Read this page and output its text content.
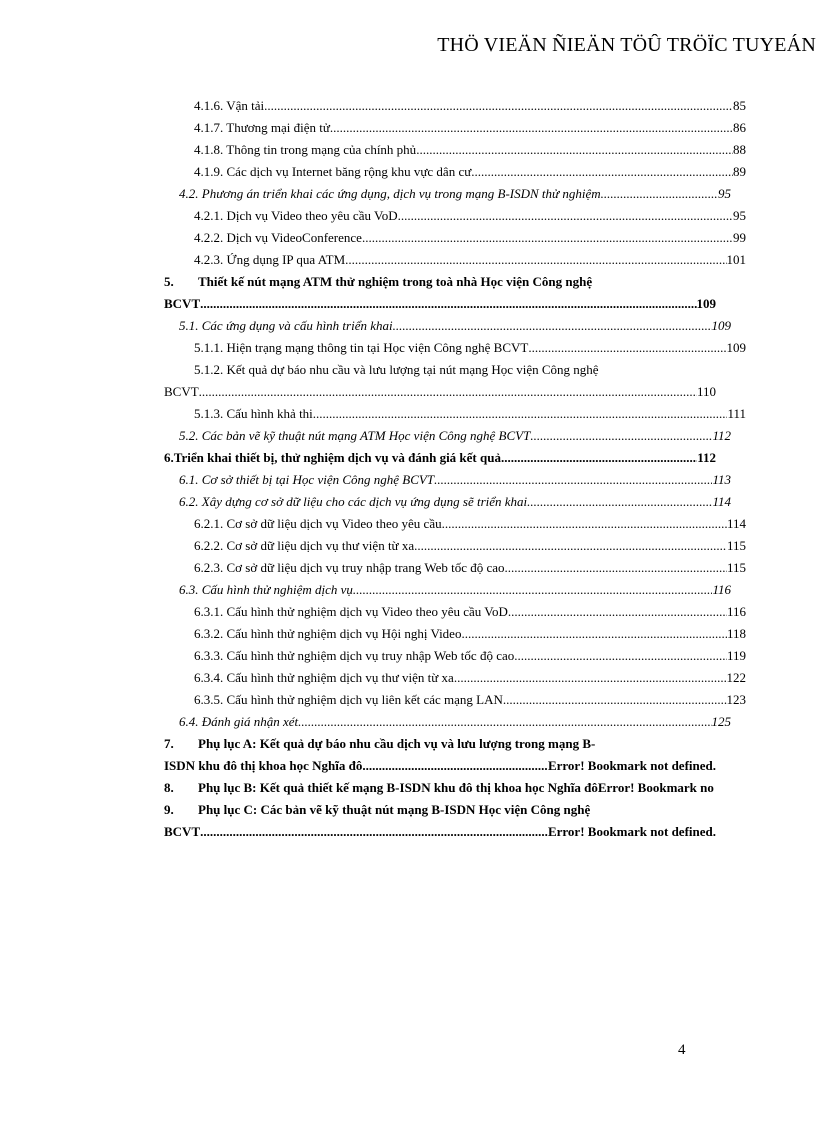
THÖ VIEÄN ÑIEÄN TÖÛ TRÖÏC TUYEÁN
4.1.6. Vận tải .....	85
4.1.7. Thương mại điện tử .....	86
4.1.8. Thông tin trong mạng của chính phủ .....	88
4.1.9. Các dịch vụ Internet băng rộng khu vực dân cư .....	89
4.2. Phương án triển khai các ứng dụng, dịch vụ trong mạng B-ISDN thử nghiệm .....	95
4.2.1. Dịch vụ Video theo yêu cầu VoD .....	95
4.2.2. Dịch vụ VideoConference .....	99
4.2.3. Ứng dụng IP qua ATM .....	101
5.	Thiết kế nút mạng ATM thử nghiệm trong toà nhà Học viện Công nghệ
BCVT .....	109
5.1. Các ứng dụng và cấu hình triển khai .....	109
5.1.1. Hiện trạng mạng thông tin tại Học viện Công nghệ BCVT .....	109
5.1.2. Kết quả dự báo nhu cầu và lưu lượng tại nút mạng Học viện Công nghệ
BCVT .....	110
5.1.3. Cấu hình khả thi .....	111
5.2. Các bản vẽ kỹ thuật nút mạng ATM Học viện Công nghệ BCVT .....	112
6. Triển khai thiết bị, thử nghiệm dịch vụ và đánh giá kết quả .....	112
6.1. Cơ sở thiết bị tại Học viện Công nghệ BCVT .....	113
6.2. Xây dựng cơ sở dữ liệu cho các dịch vụ ứng dụng sẽ triển khai .....	114
6.2.1. Cơ sở dữ liệu dịch vụ Video theo yêu cầu .....	114
6.2.2. Cơ sở dữ liệu dịch vụ thư viện từ xa .....	115
6.2.3. Cơ sở dữ liệu dịch vụ truy nhập trang Web tốc độ cao .....	115
6.3. Cấu hình thử nghiệm dịch vụ .....	116
6.3.1. Cấu hình thử nghiệm dịch vụ Video theo yêu cầu VoD .....	116
6.3.2. Cấu hình thử nghiệm dịch vụ Hội nghị Video .....	118
6.3.3. Cấu hình thử nghiệm dịch vụ truy nhập Web tốc độ cao .....	119
6.3.4. Cấu hình thử nghiệm dịch vụ thư viện từ xa .....	122
6.3.5. Cấu hình thử nghiệm dịch vụ liên kết các mạng LAN .....	123
6.4. Đánh giá nhận xét .....	125
7.	Phụ lục A: Kết quả dự báo nhu cầu dịch vụ và lưu lượng trong mạng B-
ISDN khu đô thị khoa học Nghĩa đô .....	Error! Bookmark not defined.
8.	Phụ lục B: Kết quả thiết kế mạng B-ISDN khu đô thị khoa học Nghĩa đô Error! Bookmark no
9.	Phụ lục C: Các bản vẽ kỹ thuật nút mạng B-ISDN Học viện Công nghệ
BCVT .....	Error! Bookmark not defined.
4
